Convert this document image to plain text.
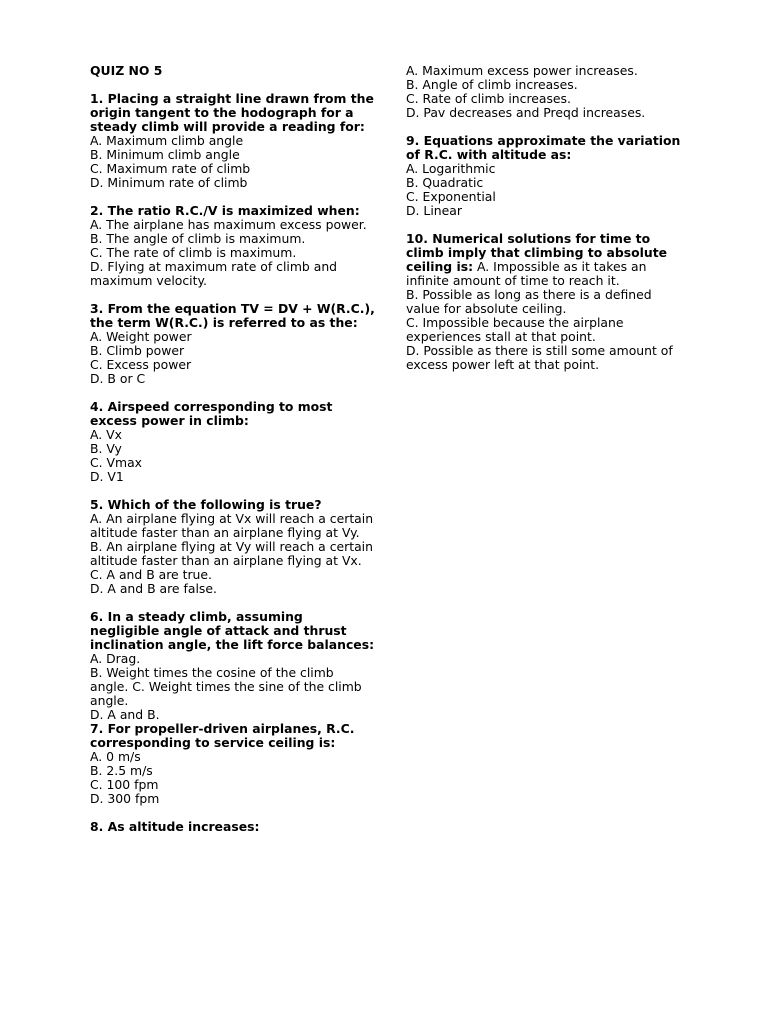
QUIZ NO 5
1. Placing a straight line drawn from the origin tangent to the hodograph for a steady climb will provide a reading for:
A. Maximum climb angle
B. Minimum climb angle
C. Maximum rate of climb
D. Minimum rate of climb
2. The ratio R.C./V is maximized when:
A. The airplane has maximum excess power.
B. The angle of climb is maximum.
C. The rate of climb is maximum.
D. Flying at maximum rate of climb and maximum velocity.
3. From the equation TV = DV + W(R.C.), the term W(R.C.) is referred to as the:
A. Weight power
B. Climb power
C. Excess power
D. B or C
4. Airspeed corresponding to most excess power in climb:
A. Vx
B. Vy
C. Vmax
D. V1
5. Which of the following is true?
A. An airplane flying at Vx will reach a certain altitude faster than an airplane flying at Vy.
B. An airplane flying at Vy will reach a certain altitude faster than an airplane flying at Vx.
C. A and B are true.
D. A and B are false.
6. In a steady climb, assuming negligible angle of attack and thrust inclination angle, the lift force balances:
A. Drag.
B. Weight times the cosine of the climb angle. C. Weight times the sine of the climb angle.
D. A and B.
7. For propeller-driven airplanes, R.C. corresponding to service ceiling is:
A. 0 m/s
B. 2.5 m/s
C. 100 fpm
D. 300 fpm
8. As altitude increases:
A. Maximum excess power increases.
B. Angle of climb increases.
C. Rate of climb increases.
D. Pav decreases and Preqd increases.
9. Equations approximate the variation of R.C. with altitude as:
A. Logarithmic
B. Quadratic
C. Exponential
D. Linear
10. Numerical solutions for time to climb imply that climbing to absolute ceiling is: A. Impossible as it takes an infinite amount of time to reach it.
B. Possible as long as there is a defined value for absolute ceiling.
C. Impossible because the airplane experiences stall at that point.
D. Possible as there is still some amount of excess power left at that point.
